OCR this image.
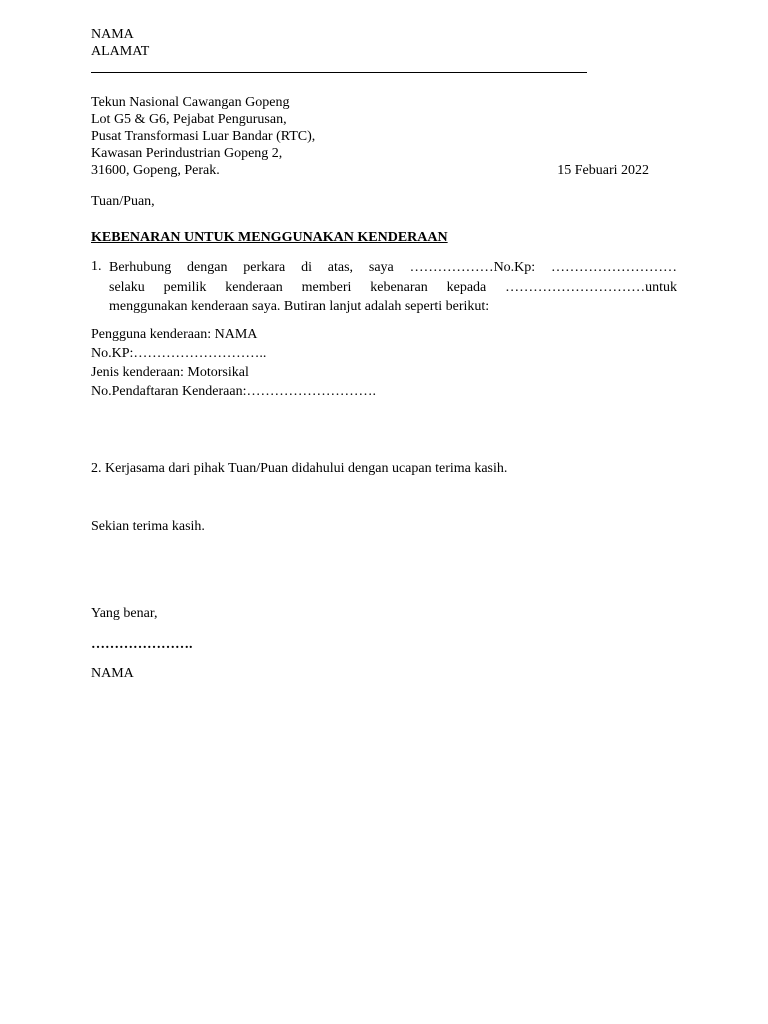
NAMA
ALAMAT
Tekun Nasional Cawangan Gopeng
Lot G5 & G6, Pejabat Pengurusan,
Pusat Transformasi Luar Bandar (RTC),
Kawasan Perindustrian Gopeng 2,
31600, Gopeng, Perak.	15 Febuari 2022
Tuan/Puan,
KEBENARAN UNTUK MENGGUNAKAN KENDERAAN
1. Berhubung dengan perkara di atas, saya ………………No.Kp: ………………………
selaku pemilik kenderaan memberi kebenaran kepada …………………………untuk
menggunakan kenderaan saya. Butiran lanjut adalah seperti berikut:
Pengguna kenderaan: NAMA
No.KP:………………………..
Jenis kenderaan: Motorsikal
No.Pendaftaran Kenderaan:……………………….
2. Kerjasama dari pihak Tuan/Puan didahului dengan ucapan terima kasih.
Sekian terima kasih.
Yang benar,
………………….
NAMA
